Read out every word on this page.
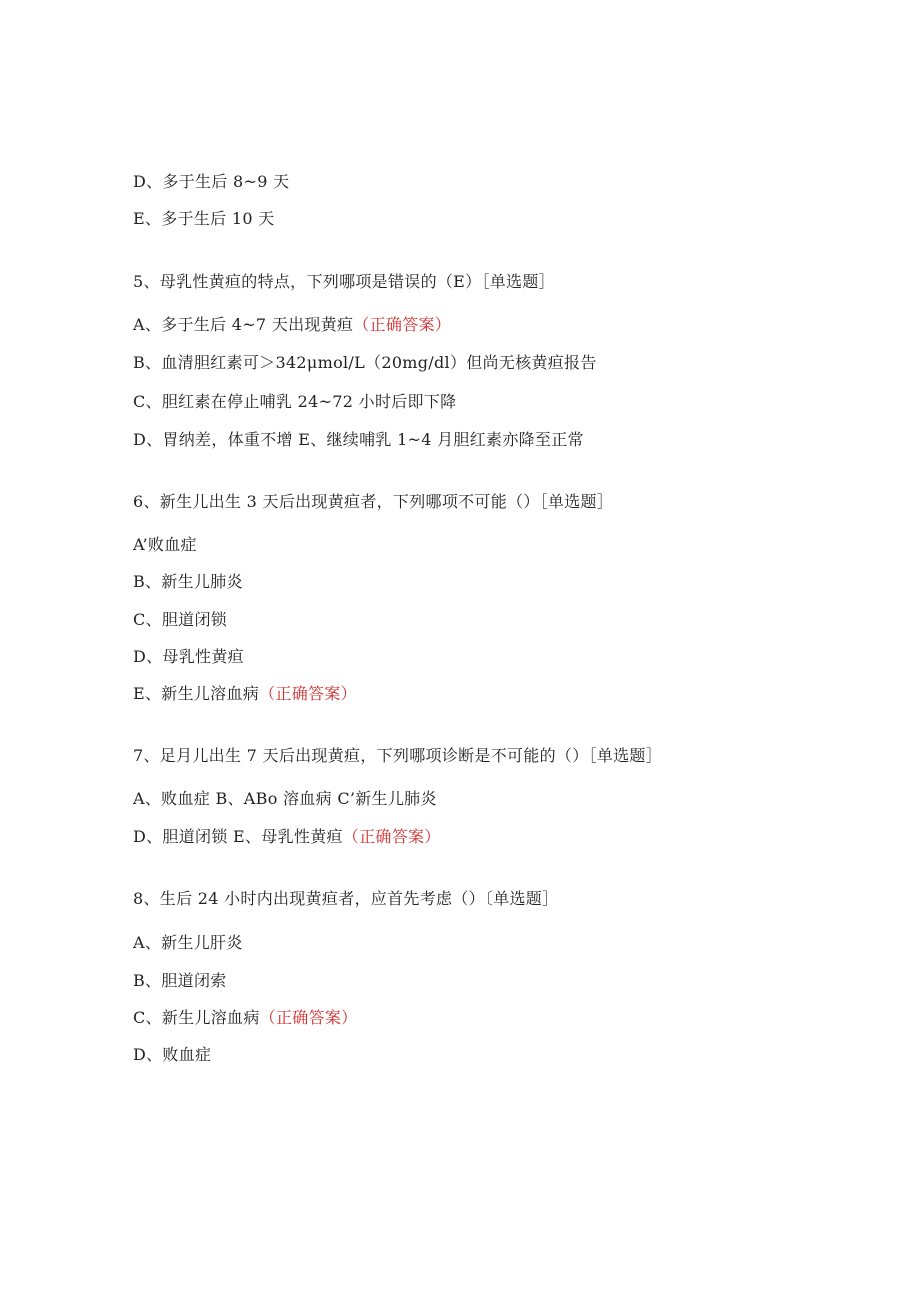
D、多于生后 8~9 天
E、多于生后 10 天
5、母乳性黄疸的特点，下列哪项是错误的（E）［单选题］
A、多于生后 4~7 天出现黄疸（正确答案）
B、血清胆红素可＞342μmol∕L（20mg∕dl）但尚无核黄疸报告
C、胆红素在停止哺乳 24~72 小时后即下降
D、胃纳差，体重不增 E、继续哺乳 1~4 月胆红素亦降至正常
6、新生儿出生 3 天后出现黄疸者，下列哪项不可能（）［单选题］
A’败血症
B、新生儿肺炎
C、胆道闭锁
D、母乳性黄疸
E、新生儿溶血病（正确答案）
7、足月儿出生 7 天后出现黄疸，下列哪项诊断是不可能的（）［单选题］
A、败血症 B、ABo 溶血病 C’新生儿肺炎
D、胆道闭锁 E、母乳性黄疸（正确答案）
8、生后 24 小时内出现黄疸者，应首先考虑（）〔单选题］
A、新生儿肝炎
B、胆道闭索
C、新生儿溶血病（正确答案）
D、败血症
